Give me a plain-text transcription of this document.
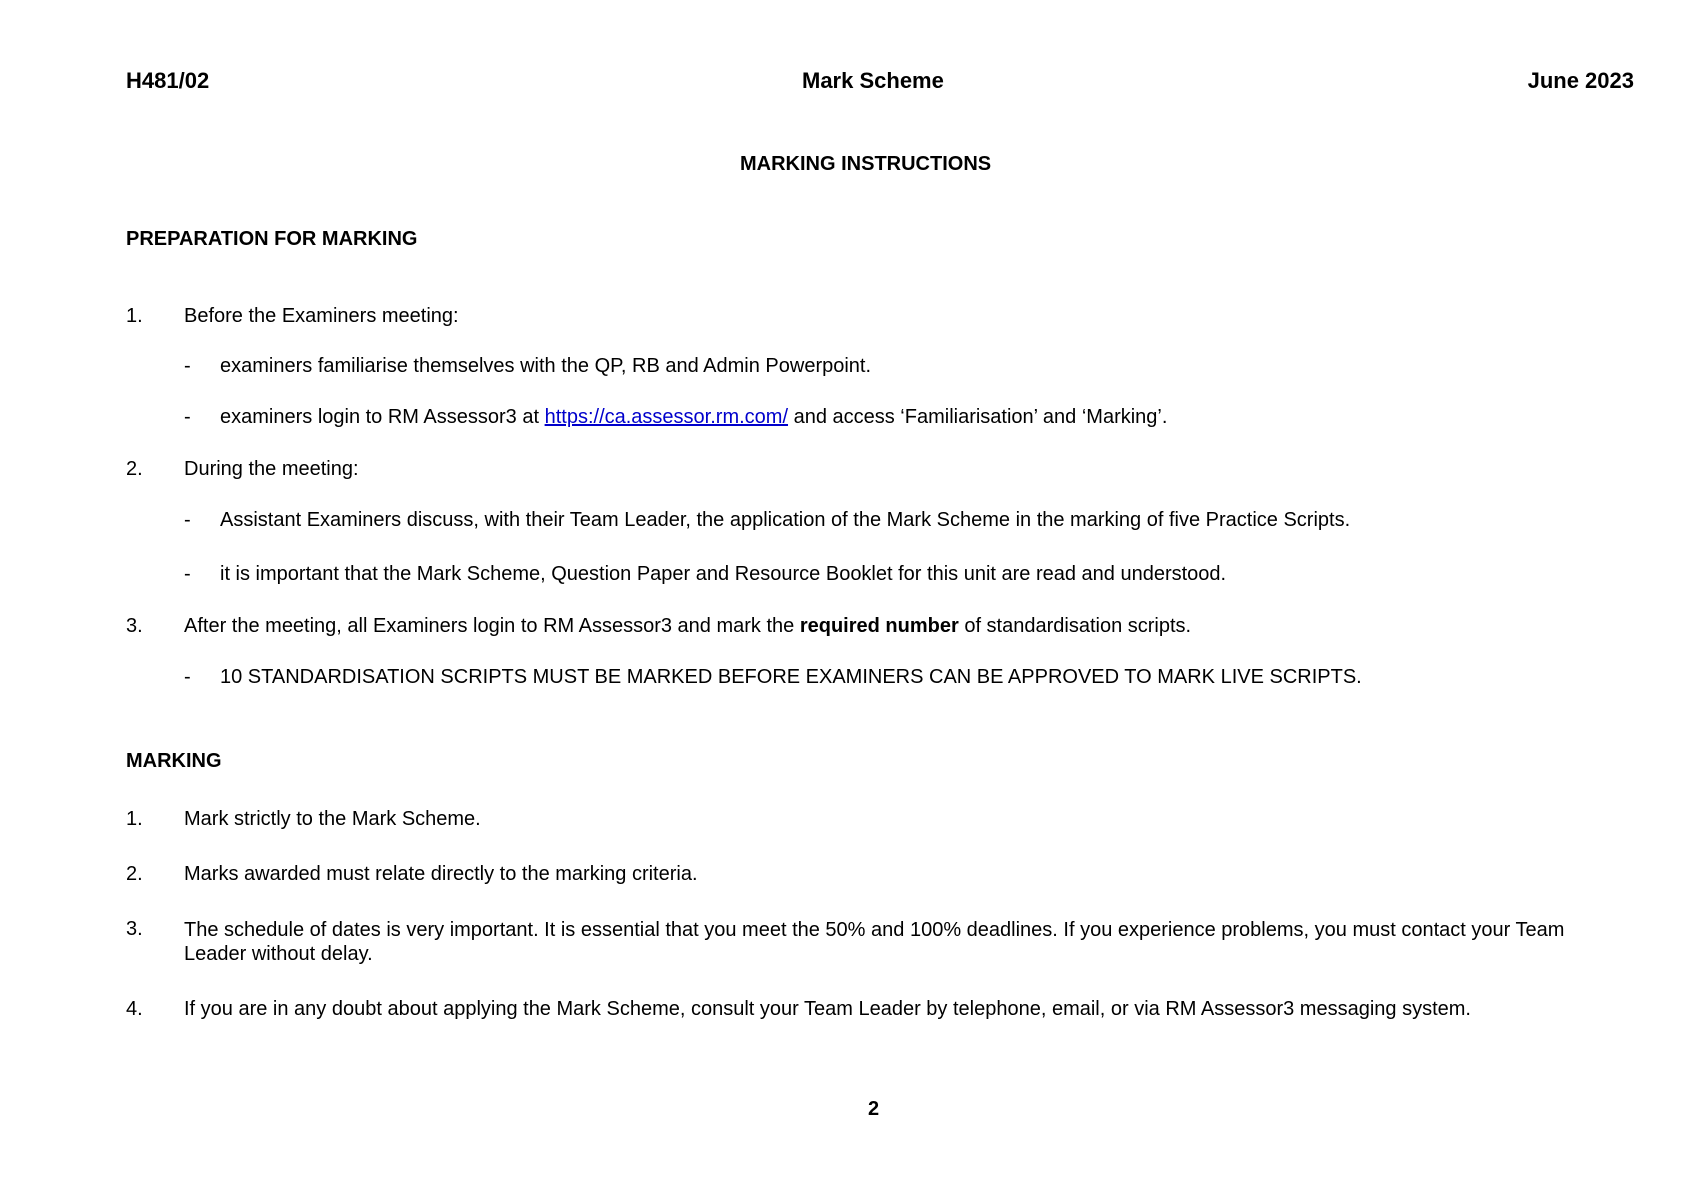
H481/02	Mark Scheme	June 2023
MARKING INSTRUCTIONS
PREPARATION FOR MARKING
1. Before the Examiners meeting:
- examiners familiarise themselves with the QP, RB and Admin Powerpoint.
- examiners login to RM Assessor3 at https://ca.assessor.rm.com/ and access ‘Familiarisation’ and ‘Marking’.
2. During the meeting:
- Assistant Examiners discuss, with their Team Leader, the application of the Mark Scheme in the marking of five Practice Scripts.
- it is important that the Mark Scheme, Question Paper and Resource Booklet for this unit are read and understood.
3. After the meeting, all Examiners login to RM Assessor3 and mark the required number of standardisation scripts.
- 10 STANDARDISATION SCRIPTS MUST BE MARKED BEFORE EXAMINERS CAN BE APPROVED TO MARK LIVE SCRIPTS.
MARKING
1. Mark strictly to the Mark Scheme.
2. Marks awarded must relate directly to the marking criteria.
3. The schedule of dates is very important. It is essential that you meet the 50% and 100% deadlines. If you experience problems, you must contact your Team Leader without delay.
4. If you are in any doubt about applying the Mark Scheme, consult your Team Leader by telephone, email, or via RM Assessor3 messaging system.
2
